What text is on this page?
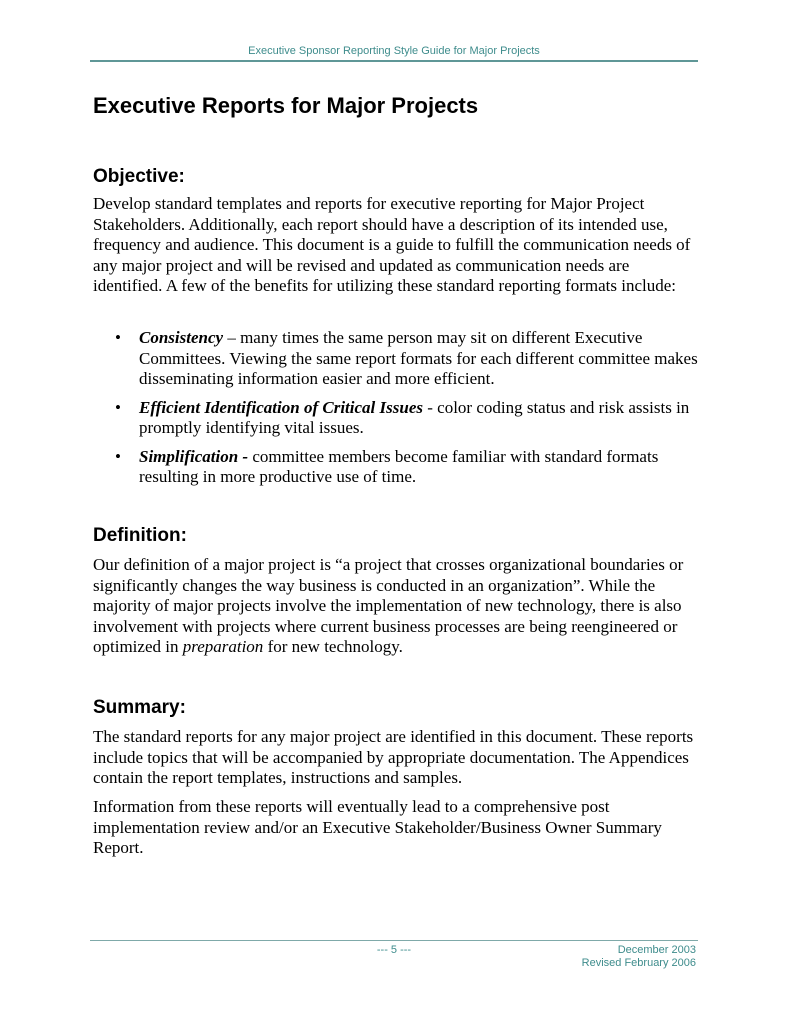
Executive Sponsor Reporting Style Guide for Major Projects
Executive Reports for Major Projects
Objective:

Develop standard templates and reports for executive reporting for Major Project Stakeholders. Additionally, each report should have a description of its intended use, frequency and audience. This document is a guide to fulfill the communication needs of any major project and will be revised and updated as communication needs are identified. A few of the benefits for utilizing these standard reporting formats include:

• Consistency – many times the same person may sit on different Executive Committees. Viewing the same report formats for each different committee makes disseminating information easier and more efficient.
• Efficient Identification of Critical Issues - color coding status and risk assists in promptly identifying vital issues.
• Simplification - committee members become familiar with standard formats resulting in more productive use of time.
Definition:

Our definition of a major project is “a project that crosses organizational boundaries or significantly changes the way business is conducted in an organization”. While the majority of major projects involve the implementation of new technology, there is also involvement with projects where current business processes are being reengineered or optimized in preparation for new technology.

Summary:

The standard reports for any major project are identified in this document. These reports include topics that will be accompanied by appropriate documentation. The Appendices contain the report templates, instructions and samples.

Information from these reports will eventually lead to a comprehensive post implementation review and/or an Executive Stakeholder/Business Owner Summary Report.

--- 5 ---	December 2003
Revised February 2006
